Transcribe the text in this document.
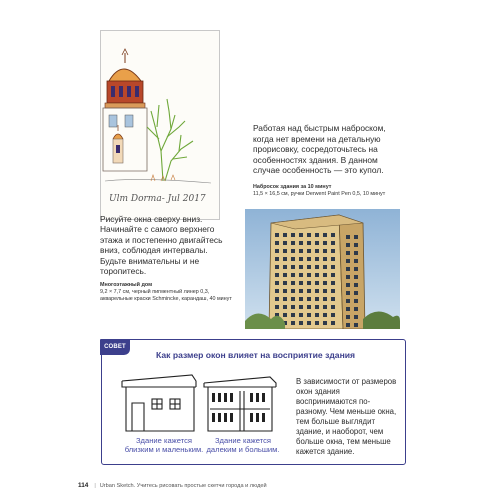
Ulm Dorma- Jul 2017

Работая над быстрым наброском, когда нет времени на детальную прорисовку, сосредоточьтесь на особенностях здания. В данном случае особенность — это купол.

Набросок здания за 10 минут
11,5 × 16,5 см, ручки Derwent Paint Pen 0,5, 10 минут

Рисуйте окна сверху вниз. Начинайте с самого верхнего этажа и постепенно двигайтесь вниз, соблюдая интервалы. Будьте внимательны и не торопитесь.

Многоэтажный дом
9,2 × 7,7 см, черный пигментный линер 0,3, акварельные краски Schmincke, карандаш, 40 минут

СОВЕТ
Как размер окон влияет на восприятие здания
Здание кажется близким и маленьким.
Здание кажется далеким и большим.
В зависимости от размеров окон здания воспринимаются по-разному. Чем меньше окна, тем больше выглядит здание, и наоборот, чем больше окна, тем меньше кажется здание.
114 | Urban Sketch. Учитесь рисовать простые скетчи города и людей
